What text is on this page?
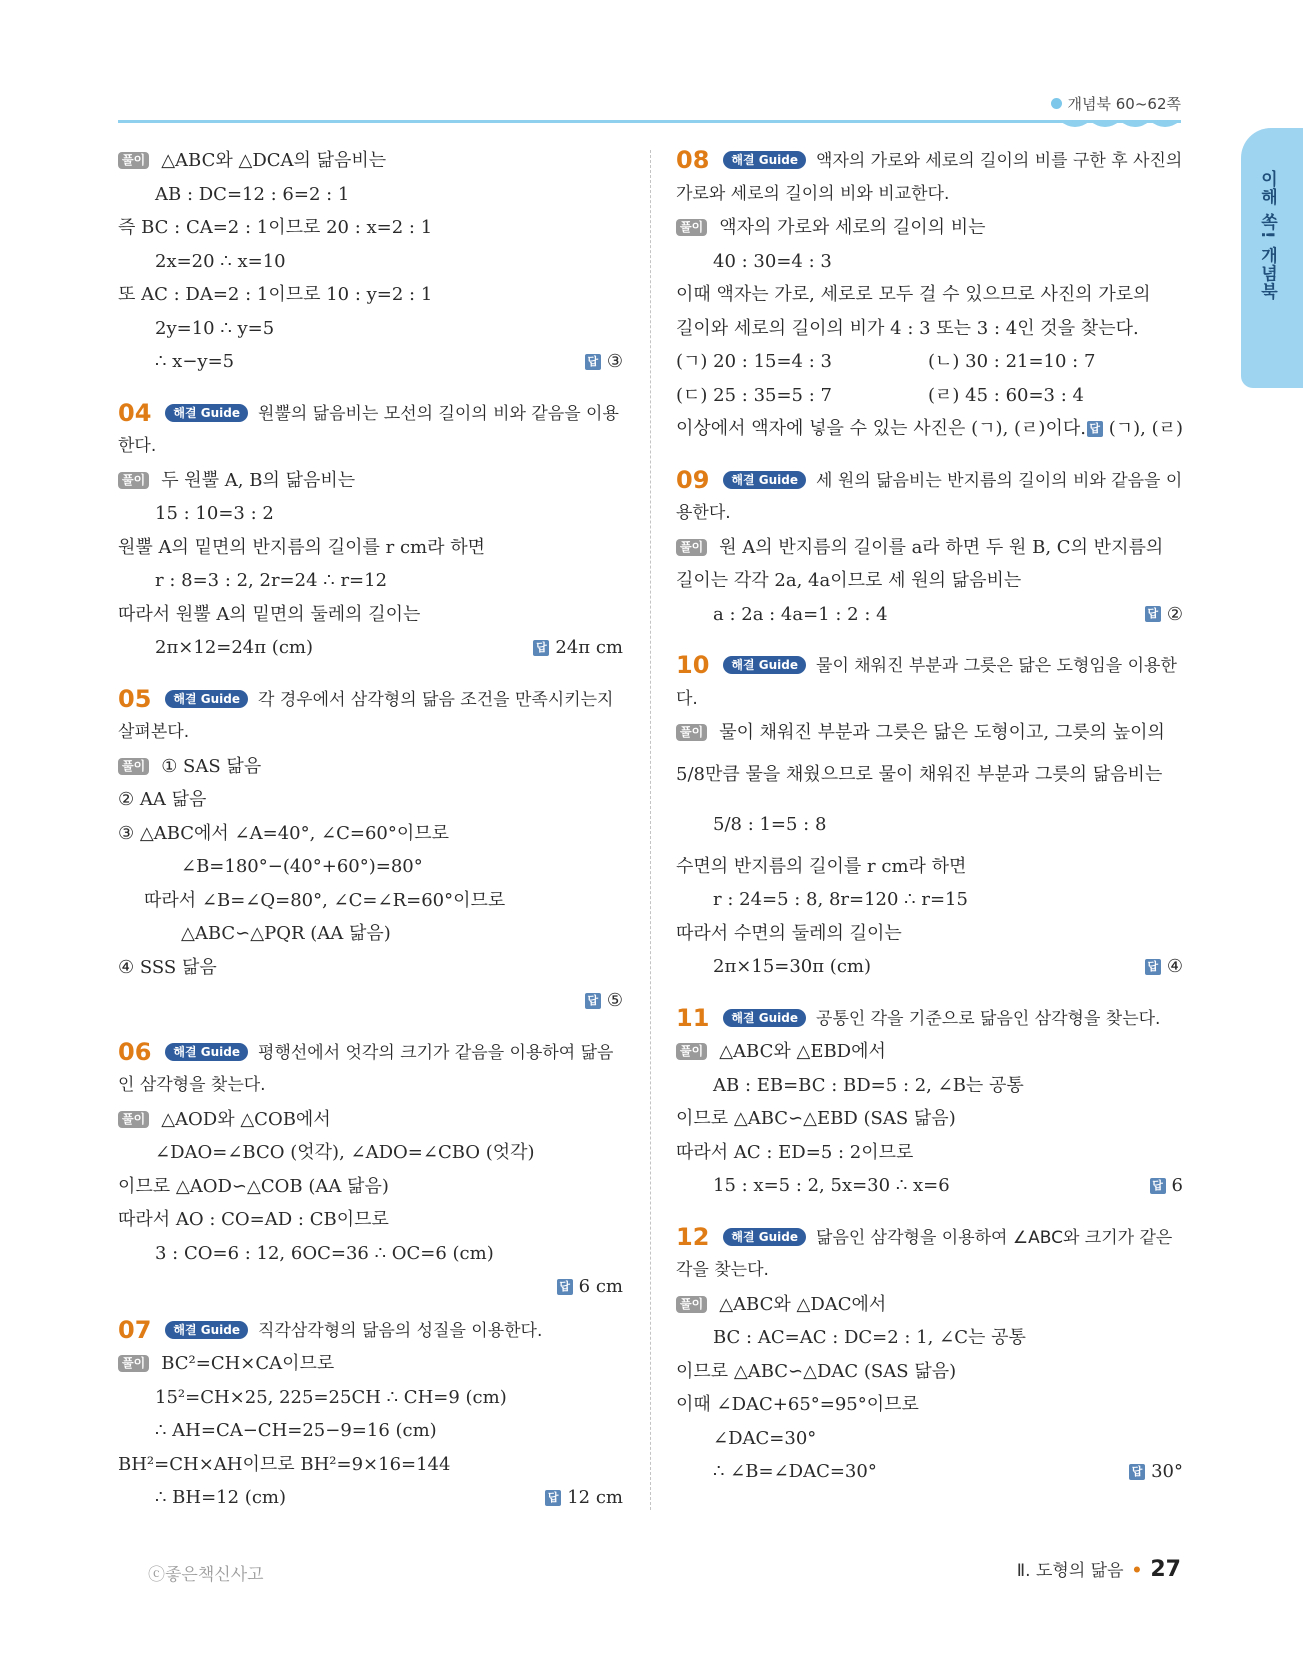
개념북 60~62쪽
이해 쏙! 개념북
풀이 △ABC와 △DCA의 닮음비는
AB : DC=12 : 6=2 : 1
즉 BC : CA=2 : 1이므로 20 : x=2 : 1
2x=20 ∴ x=10
또 AC : DA=2 : 1이므로 10 : y=2 : 1
2y=10 ∴ y=5
∴ x−y=5	답 ③
04 해결 Guide 원뿔의 닮음비는 모선의 길이의 비와 같음을 이용
한다.
풀이 두 원뿔 A, B의 닮음비는
15 : 10=3 : 2
원뿔 A의 밑면의 반지름의 길이를 r cm라 하면
r : 8=3 : 2, 2r=24 ∴ r=12
따라서 원뿔 A의 밑면의 둘레의 길이는
2π×12=24π (cm)	답 24π cm
05 해결 Guide 각 경우에서 삼각형의 닮음 조건을 만족시키는지
살펴본다.
풀이 ① SAS 닮음
② AA 닮음
③ △ABC에서 ∠A=40°, ∠C=60°이므로
∠B=180°−(40°+60°)=80°
따라서 ∠B=∠Q=80°, ∠C=∠R=60°이므로
△ABC∽△PQR (AA 닮음)
④ SSS 닮음
답 ⑤
06 해결 Guide 평행선에서 엇각의 크기가 같음을 이용하여 닮음
인 삼각형을 찾는다.
풀이 △AOD와 △COB에서
∠DAO=∠BCO (엇각), ∠ADO=∠CBO (엇각)
이므로 △AOD∽△COB (AA 닮음)
따라서 AO : CO=AD : CB이므로
3 : CO=6 : 12, 6OC=36 ∴ OC=6 (cm)
답 6 cm
07 해결 Guide 직각삼각형의 닮음의 성질을 이용한다.
풀이 BC²=CH×CA이므로
15²=CH×25, 225=25CH ∴ CH=9 (cm)
∴ AH=CA−CH=25−9=16 (cm)
BH²=CH×AH이므로 BH²=9×16=144
∴ BH=12 (cm)	답 12 cm
08 해결 Guide 액자의 가로와 세로의 길이의 비를 구한 후 사진의
가로와 세로의 길이의 비와 비교한다.
풀이 액자의 가로와 세로의 길이의 비는
40 : 30=4 : 3
이때 액자는 가로, 세로로 모두 걸 수 있으므로 사진의 가로의
길이와 세로의 길이의 비가 4 : 3 또는 3 : 4인 것을 찾는다.
(ㄱ) 20 : 15=4 : 3	(ㄴ) 30 : 21=10 : 7
(ㄷ) 25 : 35=5 : 7	(ㄹ) 45 : 60=3 : 4
이상에서 액자에 넣을 수 있는 사진은 (ㄱ), (ㄹ)이다. 답 (ㄱ), (ㄹ)
09 해결 Guide 세 원의 닮음비는 반지름의 길이의 비와 같음을 이
용한다.
풀이 원 A의 반지름의 길이를 a라 하면 두 원 B, C의 반지름의
길이는 각각 2a, 4a이므로 세 원의 닮음비는
a : 2a : 4a=1 : 2 : 4	답 ②
10 해결 Guide 물이 채워진 부분과 그릇은 닮은 도형임을 이용한
다.
풀이 물이 채워진 부분과 그릇은 닮은 도형이고, 그릇의 높이의
5/8만큼 물을 채웠으므로 물이 채워진 부분과 그릇의 닮음비는
5/8 : 1=5 : 8
수면의 반지름의 길이를 r cm라 하면
r : 24=5 : 8, 8r=120 ∴ r=15
따라서 수면의 둘레의 길이는
2π×15=30π (cm)	답 ④
11 해결 Guide 공통인 각을 기준으로 닮음인 삼각형을 찾는다.
풀이 △ABC와 △EBD에서
AB : EB=BC : BD=5 : 2, ∠B는 공통
이므로 △ABC∽△EBD (SAS 닮음)
따라서 AC : ED=5 : 2이므로
15 : x=5 : 2, 5x=30 ∴ x=6	답 6
12 해결 Guide 닮음인 삼각형을 이용하여 ∠ABC와 크기가 같은
각을 찾는다.
풀이 △ABC와 △DAC에서
BC : AC=AC : DC=2 : 1, ∠C는 공통
이므로 △ABC∽△DAC (SAS 닮음)
이때 ∠DAC+65°=95°이므로
∠DAC=30°
∴ ∠B=∠DAC=30°	답 30°
ⓒ좋은책신사고	Ⅱ. 도형의 닮음 • 27
